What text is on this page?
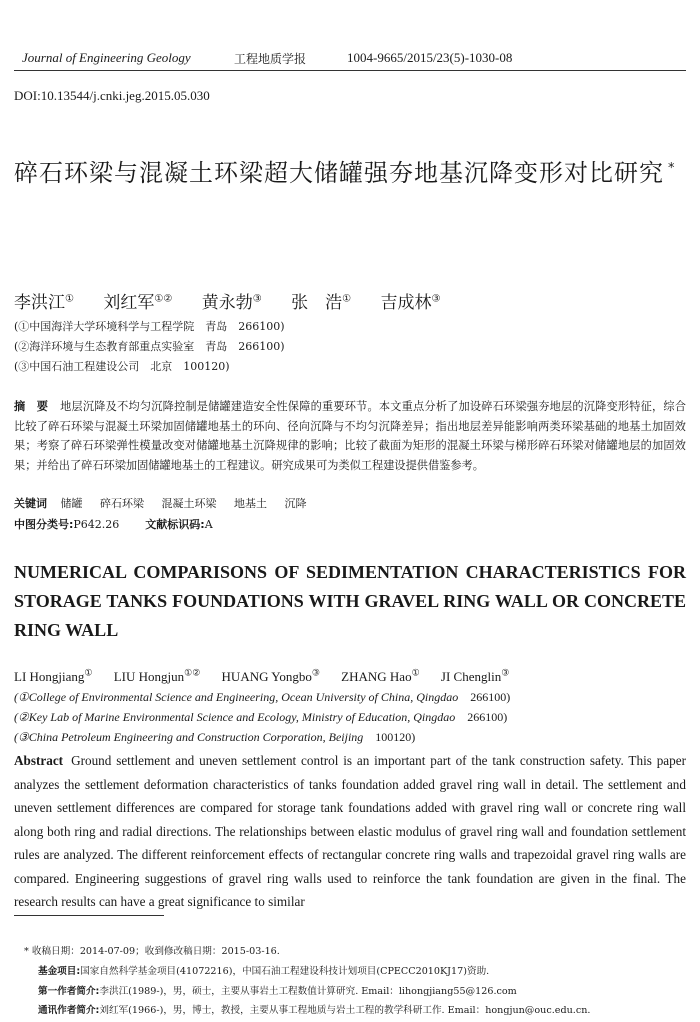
Journal of Engineering Geology	工程地质学报	1004-9665/2015/23(5)-1030-08
DOI:10.13544/j.cnki.jeg.2015.05.030
碎石环梁与混凝土环梁超大储罐强夯地基沉降变形对比研究 *
李洪江① 刘红军①② 黄永勃③ 张　浩① 吉成林③
(①中国海洋大学环境科学与工程学院　青岛　266100)
(②海洋环境与生态教育部重点实验室　青岛　266100)
(③中国石油工程建设公司　北京　100120)
摘　要 地层沉降及不均匀沉降控制是储罐建造安全性保障的重要环节。本文重点分析了加设碎石环梁强夯地层的沉降变形特征，综合比较了碎石环梁与混凝土环梁加固储罐地基土的环向、径向沉降与不均匀沉降差异；指出地层差异能影响两类环梁基础的地基土加固效果；考察了碎石环梁弹性模量改变对储罐地基土沉降规律的影响；比较了截面为矩形的混凝土环梁与梯形碎石环梁对储罐地层的加固效果；并给出了碎石环梁加固储罐地基土的工程建议。研究成果可为类似工程建设提供借鉴参考。
关键词 储罐 碎石环梁 混凝土环梁 地基土 沉降
中图分类号:P642.26 文献标识码:A
NUMERICAL COMPARISONS OF SEDIMENTATION CHARACTERISTICS FOR STORAGE TANKS FOUNDATIONS WITH GRAVEL RING WALL OR CONCRETE RING WALL
LI Hongjiang① LIU Hongjun①② HUANG Yongbo③ ZHANG Hao① JI Chenglin③
(①College of Environmental Science and Engineering, Ocean University of China, Qingdao 266100)
(②Key Lab of Marine Environmental Science and Ecology, Ministry of Education, Qingdao 266100)
(③China Petroleum Engineering and Construction Corporation, Beijing 100120)
Abstract Ground settlement and uneven settlement control is an important part of the tank construction safety. This paper analyzes the settlement deformation characteristics of tanks foundation added gravel ring wall in detail. The settlement and uneven settlement differences are compared for storage tank foundations added with gravel ring wall or concrete ring wall along both ring and radial directions. The relationships between elastic modulus of gravel ring wall and foundation settlement rules are analyzed. The different reinforcement effects of rectangular concrete ring walls and trapezoidal gravel ring walls are compared. Engineering suggestions of gravel ring walls used to reinforce the tank foundation are given in the final. The research results can have a great significance to similar
* 收稿日期：2014-07-09；收到修改稿日期：2015-03-16.
基金项目:国家自然科学基金项目(41072216)，中国石油工程建设科技计划项目(CPECC2010KJ17)资助.
第一作者简介:李洪江(1989-)，男，硕士，主要从事岩土工程数值计算研究. Email：lihongjiang55@126.com
通讯作者简介:刘红军(1966-)，男，博士，教授，主要从事工程地质与岩土工程的教学科研工作. Email：hongjun@ouc.edu.cn.
